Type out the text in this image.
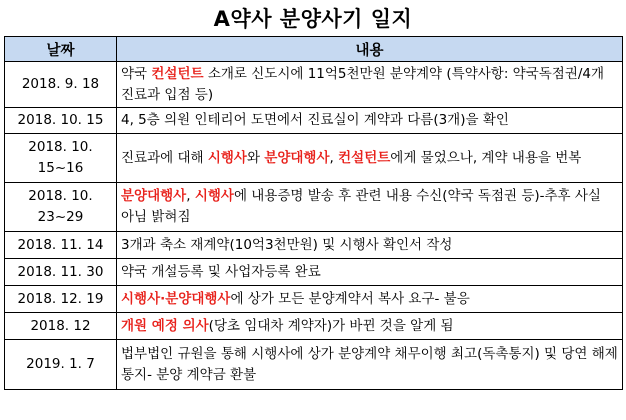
A약사 분양사기 일지
날짜	내용
2018. 9. 18	약국 컨설턴트 소개로 신도시에 11억5천만원 분약계약 (특약사항: 약국독점권/4개 진료과 입점 등)
2018. 10. 15	4, 5층 의원 인테리어 도면에서 진료실이 계약과 다름(3개)을 확인
2018. 10. 15~16	진료과에 대해 시행사와 분양대행사, 컨설턴트에게 물었으나, 계약 내용을 번복
2018. 10. 23~29	분양대행사, 시행사에 내용증명 발송 후 관련 내용 수신(약국 독점권 등)-추후 사실 아님 밝혀짐
2018. 11. 14	3개과 축소 재계약(10억3천만원) 및 시행사 확인서 작성
2018. 11. 30	약국 개설등록 및 사업자등록 완료
2018. 12. 19	시행사·분양대행사에 상가 모든 분양계약서 복사 요구- 불응
2018. 12	개원 예정 의사(당초 임대차 계약자)가 바뀐 것을 알게 됨
2019. 1. 7	법부법인 규원을 통해 시행사에 상가 분양계약 채무이행 최고(독촉통지) 및 당연 해제 통지- 분양 계약금 환불
